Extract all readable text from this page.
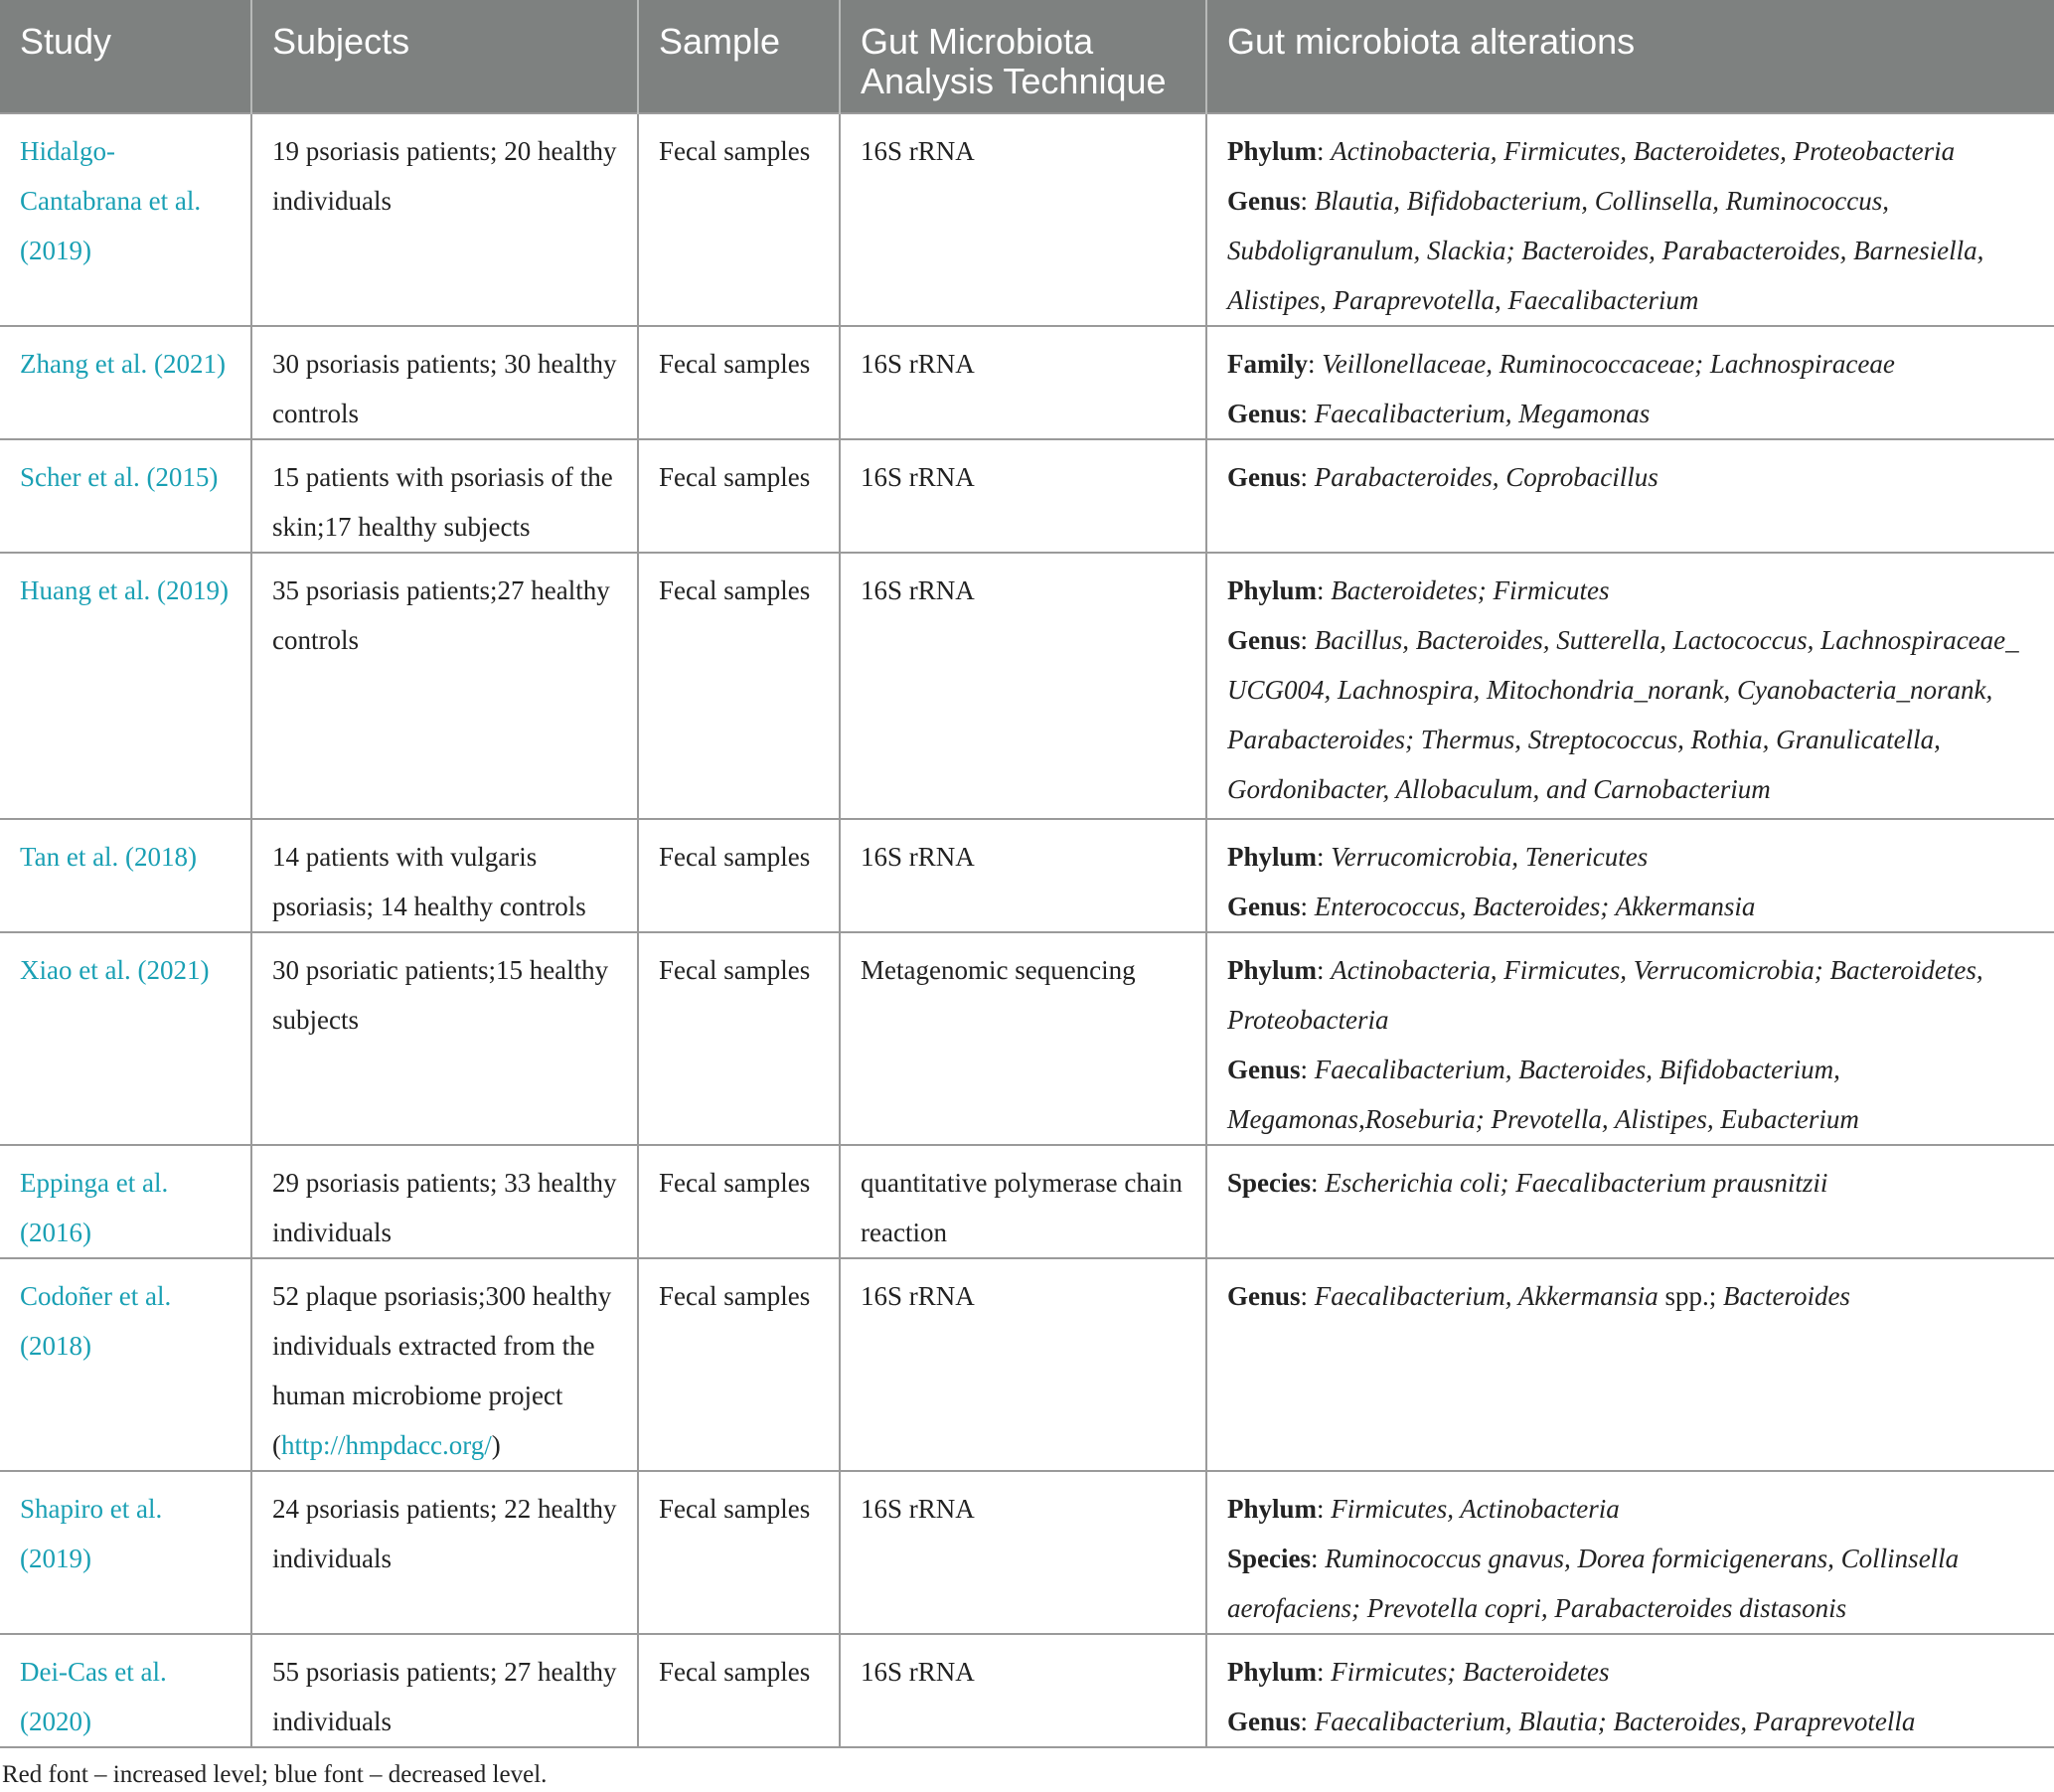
Study	Subjects	Sample	Gut Microbiota Analysis Technique	Gut microbiota alterations
Hidalgo-Cantabrana et al. (2019)	19 psoriasis patients; 20 healthy individuals	Fecal samples	16S rRNA	Phylum: Actinobacteria, Firmicutes, Bacteroidetes, Proteobacteria
Genus: Blautia, Bifidobacterium, Collinsella, Ruminococcus, Subdoligranulum, Slackia; Bacteroides, Parabacteroides, Barnesiella, Alistipes, Paraprevotella, Faecalibacterium

Zhang et al. (2021)	30 psoriasis patients; 30 healthy controls	Fecal samples	16S rRNA	Family: Veillonellaceae, Ruminococcaceae; Lachnospiraceae
Genus: Faecalibacterium, Megamonas

Scher et al. (2015)	15 patients with psoriasis of the skin;17 healthy subjects	Fecal samples	16S rRNA	Genus: Parabacteroides, Coprobacillus

Huang et al. (2019)	35 psoriasis patients;27 healthy controls	Fecal samples	16S rRNA	Phylum: Bacteroidetes; Firmicutes
Genus: Bacillus, Bacteroides, Sutterella, Lactococcus, Lachnospiraceae_ UCG004, Lachnospira, Mitochondria_norank, Cyanobacteria_norank, Parabacteroides; Thermus, Streptococcus, Rothia, Granulicatella, Gordonibacter, Allobaculum, and Carnobacterium

Tan et al. (2018)	14 patients with vulgaris psoriasis; 14 healthy controls	Fecal samples	16S rRNA	Phylum: Verrucomicrobia, Tenericutes
Genus: Enterococcus, Bacteroides; Akkermansia

Xiao et al. (2021)	30 psoriatic patients;15 healthy subjects	Fecal samples	Metagenomic sequencing	Phylum: Actinobacteria, Firmicutes, Verrucomicrobia; Bacteroidetes, Proteobacteria
Genus: Faecalibacterium, Bacteroides, Bifidobacterium, Megamonas,Roseburia; Prevotella, Alistipes, Eubacterium

Eppinga et al. (2016)	29 psoriasis patients; 33 healthy individuals	Fecal samples	quantitative polymerase chain reaction	Species: Escherichia coli; Faecalibacterium prausnitzii

Codoñer et al. (2018)	52 plaque psoriasis;300 healthy individuals extracted from the human microbiome project (http://hmpdacc.org/)	Fecal samples	16S rRNA	Genus: Faecalibacterium, Akkermansia spp.; Bacteroides

Shapiro et al. (2019)	24 psoriasis patients; 22 healthy individuals	Fecal samples	16S rRNA	Phylum: Firmicutes, Actinobacteria
Species: Ruminococcus gnavus, Dorea formicigenerans, Collinsella aerofaciens; Prevotella copri, Parabacteroides distasonis

Dei-Cas et al. (2020)	55 psoriasis patients; 27 healthy individuals	Fecal samples	16S rRNA	Phylum: Firmicutes; Bacteroidetes
Genus: Faecalibacterium, Blautia; Bacteroides, Paraprevotella
Red font – increased level; blue font – decreased level.
